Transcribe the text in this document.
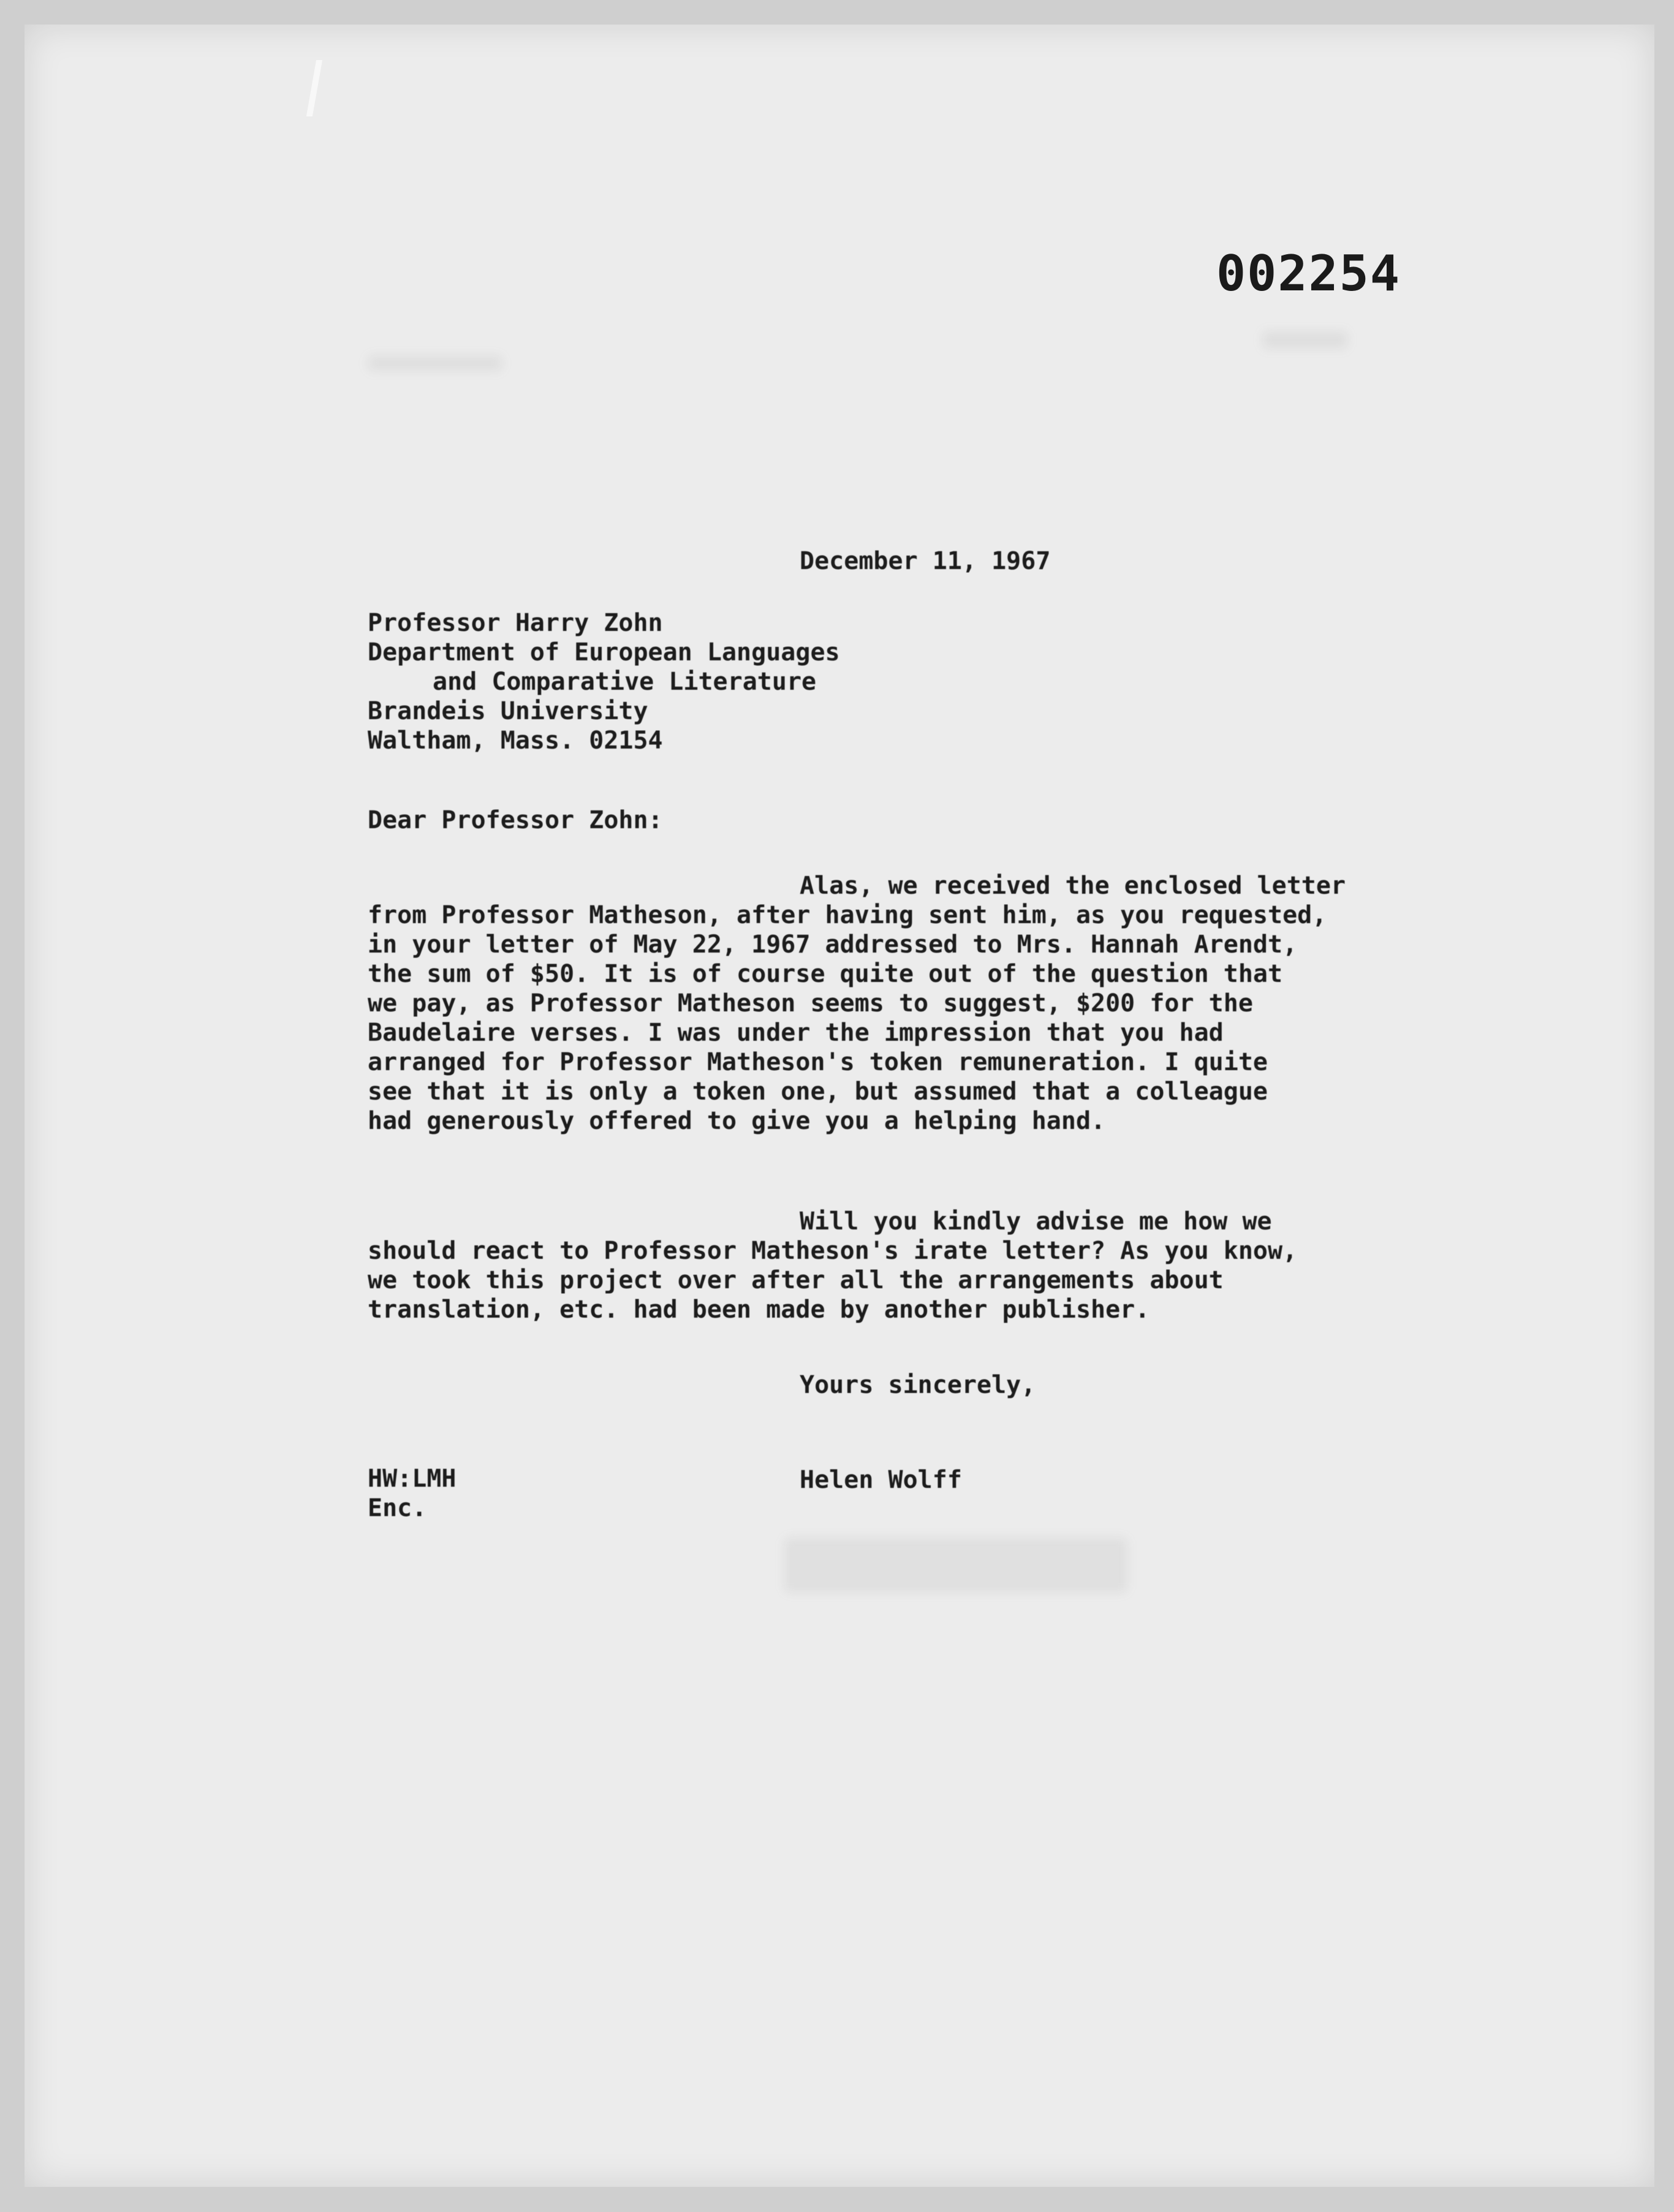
002254
December 11, 1967
Professor Harry Zohn
Department of European Languages
and Comparative Literature
Brandeis University
Waltham, Mass. 02154
Dear Professor Zohn:
Alas, we received the enclosed letter
from Professor Matheson, after having sent him, as you requested,
in your letter of May 22, 1967 addressed to Mrs. Hannah Arendt,
the sum of $50. It is of course quite out of the question that
we pay, as Professor Matheson seems to suggest, $200 for the
Baudelaire verses. I was under the impression that you had
arranged for Professor Matheson's token remuneration. I quite
see that it is only a token one, but assumed that a colleague
had generously offered to give you a helping hand.
Will you kindly advise me how we
should react to Professor Matheson's irate letter? As you know,
we took this project over after all the arrangements about
translation, etc. had been made by another publisher.
Yours sincerely,
HW:LMH
Enc.
Helen Wolff
